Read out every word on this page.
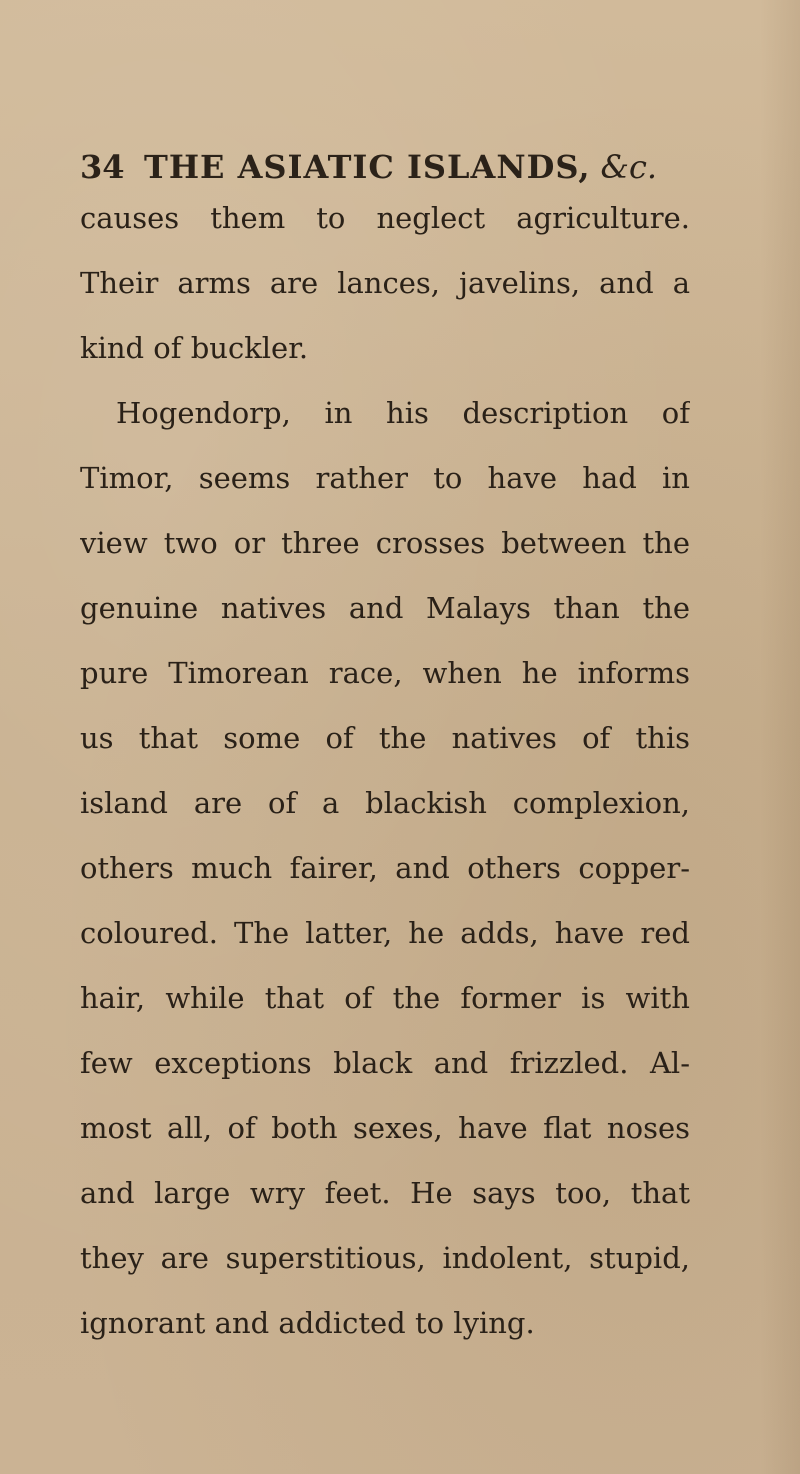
34 THE ASIATIC ISLANDS, &c.
causes them to neglect agriculture.
Their arms are lances, javelins, and a
kind of buckler.
Hogendorp, in his description of
Timor, seems rather to have had in
view two or three crosses between the
genuine natives and Malays than the
pure Timorean race, when he informs
us that some of the natives of this
island are of a blackish complexion,
others much fairer, and others copper-
coloured. The latter, he adds, have red
hair, while that of the former is with
few exceptions black and frizzled. Al-
most all, of both sexes, have flat noses
and large wry feet. He says too, that
they are superstitious, indolent, stupid,
ignorant and addicted to lying.
